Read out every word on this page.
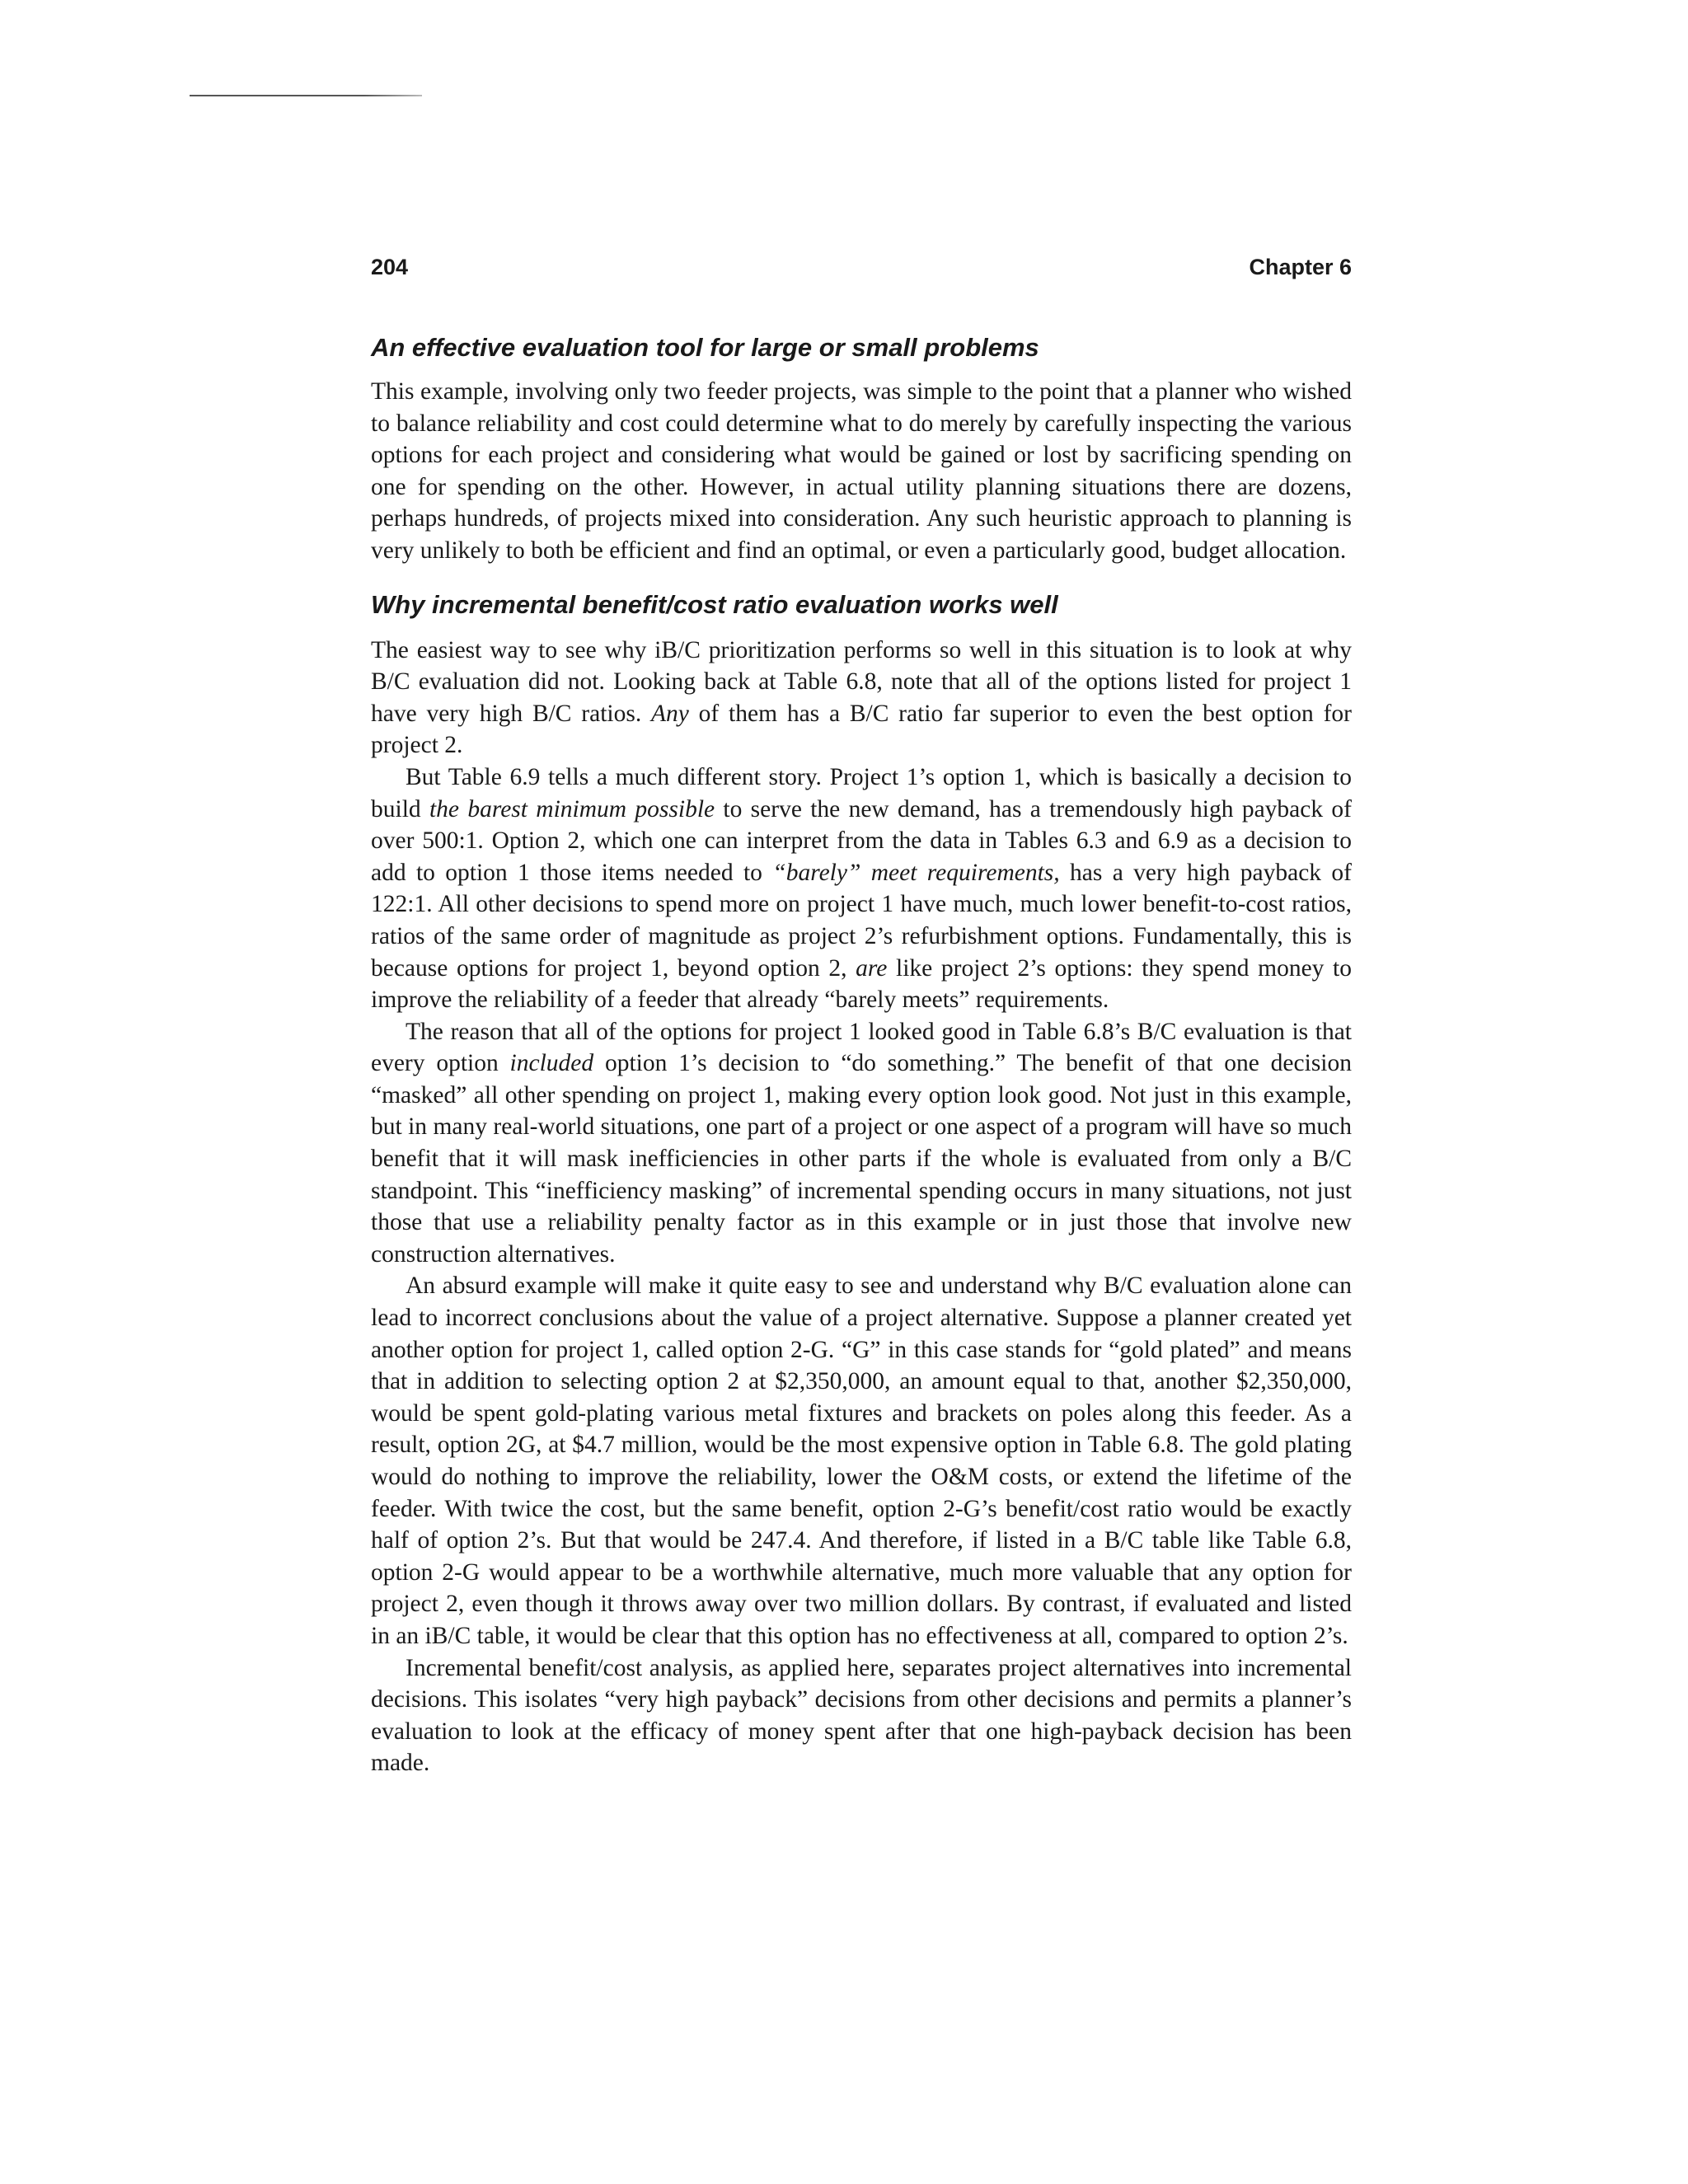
204	Chapter 6
An effective evaluation tool for large or small problems

This example, involving only two feeder projects, was simple to the point that a planner who wished to balance reliability and cost could determine what to do merely by carefully inspecting the various options for each project and considering what would be gained or lost by sacrificing spending on one for spending on the other. However, in actual utility planning situations there are dozens, perhaps hundreds, of projects mixed into consideration. Any such heuristic approach to planning is very unlikely to both be efficient and find an optimal, or even a particularly good, budget allocation.

Why incremental benefit/cost ratio evaluation works well

The easiest way to see why iB/C prioritization performs so well in this situation is to look at why B/C evaluation did not. Looking back at Table 6.8, note that all of the options listed for project 1 have very high B/C ratios. Any of them has a B/C ratio far superior to even the best option for project 2.

But Table 6.9 tells a much different story. Project 1’s option 1, which is basically a decision to build the barest minimum possible to serve the new demand, has a tremendously high payback of over 500:1. Option 2, which one can interpret from the data in Tables 6.3 and 6.9 as a decision to add to option 1 those items needed to “barely” meet requirements, has a very high payback of 122:1. All other decisions to spend more on project 1 have much, much lower benefit-to-cost ratios, ratios of the same order of magnitude as project 2’s refurbishment options. Fundamentally, this is because options for project 1, beyond option 2, are like project 2’s options: they spend money to improve the reliability of a feeder that already “barely meets” requirements.

The reason that all of the options for project 1 looked good in Table 6.8’s B/C evaluation is that every option included option 1’s decision to “do something.” The benefit of that one decision “masked” all other spending on project 1, making every option look good. Not just in this example, but in many real-world situations, one part of a project or one aspect of a program will have so much benefit that it will mask inefficiencies in other parts if the whole is evaluated from only a B/C standpoint. This “inefficiency masking” of incremental spending occurs in many situations, not just those that use a reliability penalty factor as in this example or in just those that involve new construction alternatives.

An absurd example will make it quite easy to see and understand why B/C evaluation alone can lead to incorrect conclusions about the value of a project alternative. Suppose a planner created yet another option for project 1, called option 2-G. “G” in this case stands for “gold plated” and means that in addition to selecting option 2 at $2,350,000, an amount equal to that, another $2,350,000, would be spent gold-plating various metal fixtures and brackets on poles along this feeder. As a result, option 2G, at $4.7 million, would be the most expensive option in Table 6.8. The gold plating would do nothing to improve the reliability, lower the O&M costs, or extend the lifetime of the feeder. With twice the cost, but the same benefit, option 2-G’s benefit/cost ratio would be exactly half of option 2’s. But that would be 247.4. And therefore, if listed in a B/C table like Table 6.8, option 2-G would appear to be a worthwhile alternative, much more valuable that any option for project 2, even though it throws away over two million dollars. By contrast, if evaluated and listed in an iB/C table, it would be clear that this option has no effectiveness at all, compared to option 2’s.

Incremental benefit/cost analysis, as applied here, separates project alternatives into incremental decisions. This isolates “very high payback” decisions from other decisions and permits a planner’s evaluation to look at the efficacy of money spent after that one high-payback decision has been made.
